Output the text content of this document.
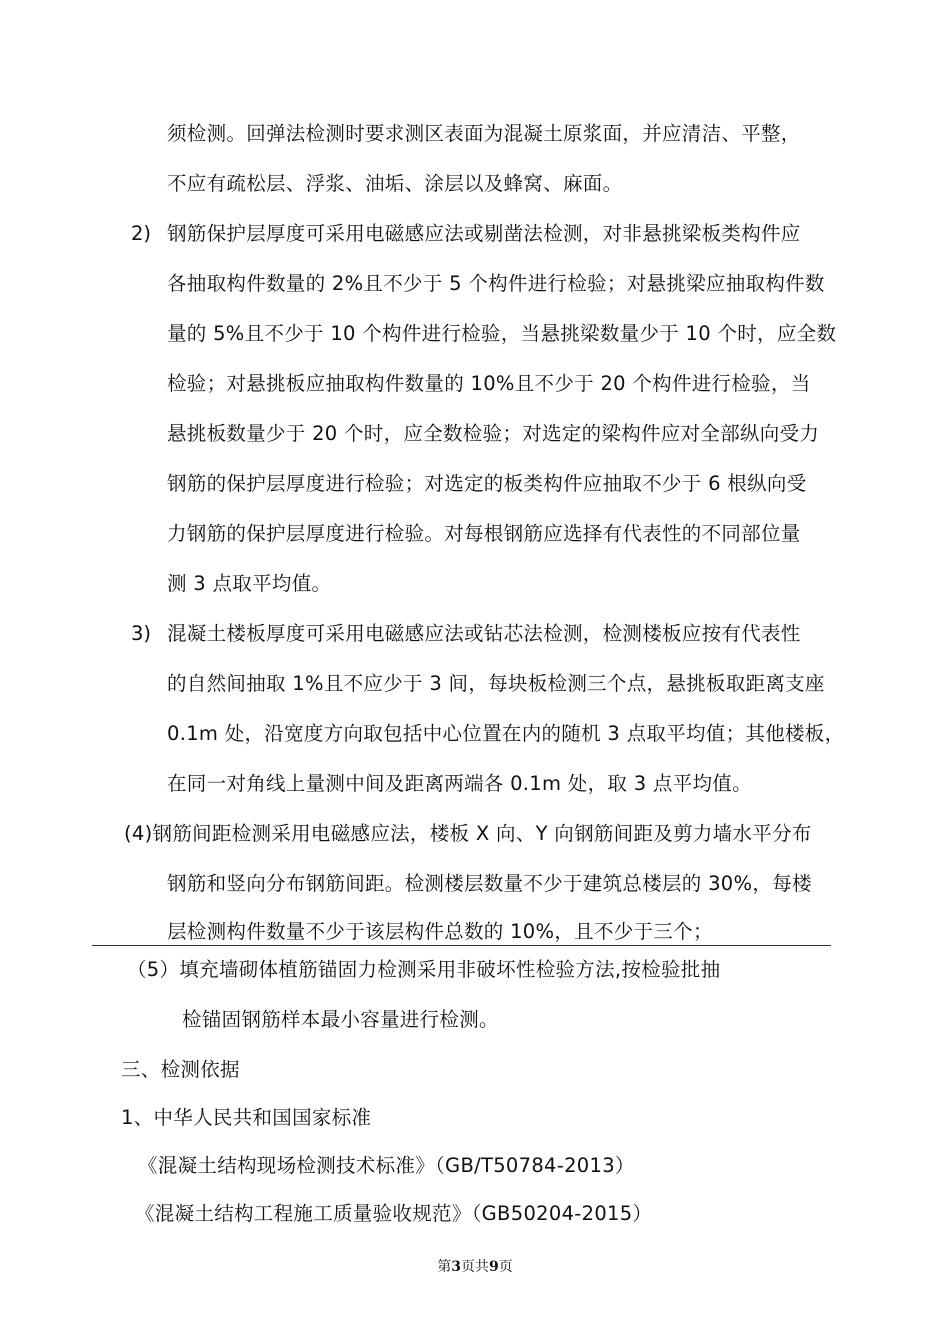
须检测。回弹法检测时要求测区表面为混凝土原浆面，并应清洁、平整，
不应有疏松层、浮浆、油垢、涂层以及蜂窝、麻面。
2) 钢筋保护层厚度可采用电磁感应法或剔凿法检测，对非悬挑梁板类构件应
各抽取构件数量的 2%且不少于 5 个构件进行检验；对悬挑梁应抽取构件数
量的 5%且不少于 10 个构件进行检验，当悬挑梁数量少于 10 个时，应全数
检验；对悬挑板应抽取构件数量的 10%且不少于 20 个构件进行检验，当
悬挑板数量少于 20 个时，应全数检验；对选定的梁构件应对全部纵向受力
钢筋的保护层厚度进行检验；对选定的板类构件应抽取不少于 6 根纵向受
力钢筋的保护层厚度进行检验。对每根钢筋应选择有代表性的不同部位量
测 3 点取平均值。
3) 混凝土楼板厚度可采用电磁感应法或钻芯法检测，检测楼板应按有代表性
的自然间抽取 1%且不应少于 3 间，每块板检测三个点，悬挑板取距离支座
0.1m 处，沿宽度方向取包括中心位置在内的随机 3 点取平均值；其他楼板，
在同一对角线上量测中间及距离两端各 0.1m 处，取 3 点平均值。
(4)钢筋间距检测采用电磁感应法，楼板 X 向、Y 向钢筋间距及剪力墙水平分布
钢筋和竖向分布钢筋间距。检测楼层数量不少于建筑总楼层的 30%，每楼
层检测构件数量不少于该层构件总数的 10%，且不少于三个；
（5）填充墙砌体植筋锚固力检测采用非破坏性检验方法,按检验批抽
检锚固钢筋样本最小容量进行检测。
三、检测依据
1、中华人民共和国国家标准
《混凝土结构现场检测技术标准》（GB/T50784-2013）
《混凝土结构工程施工质量验收规范》（GB50204-2015）
第3页共9页
